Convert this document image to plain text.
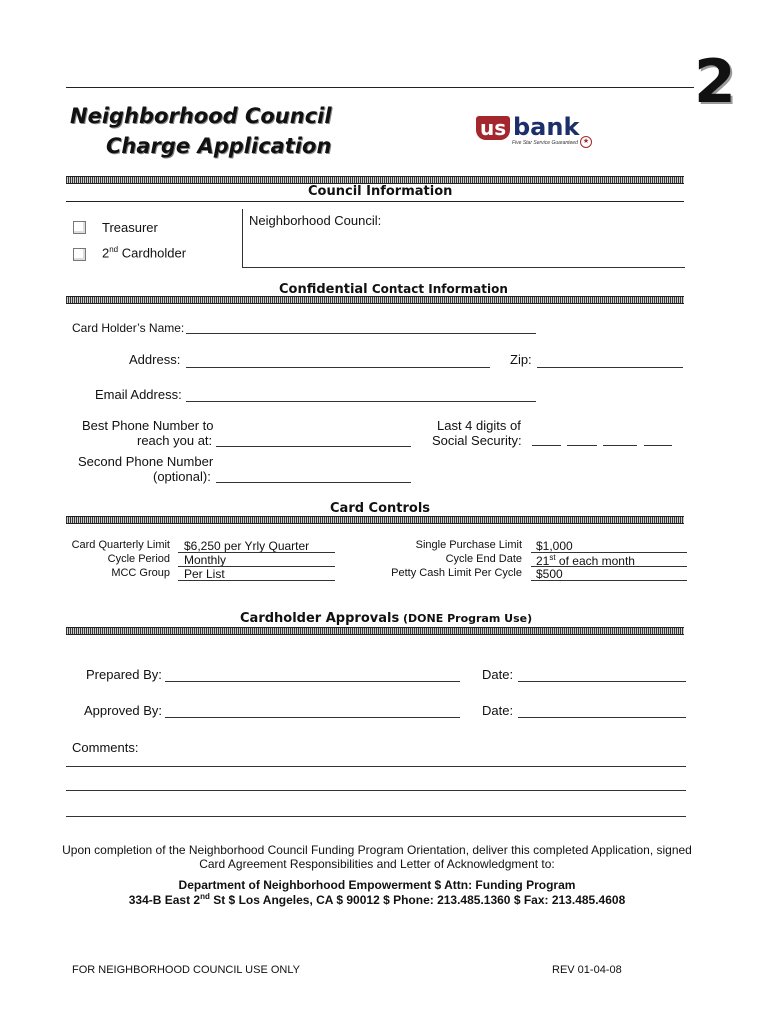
2
Neighborhood Council
Charge Application
us bank
Five Star Service Guaranteed ★
Council Information
Treasurer
2nd Cardholder
Neighborhood Council:
Confidential Contact Information
Card Holder’s Name:
Address:	Zip:
Email Address:
Best Phone Number to
reach you at:
Last 4 digits of
Social Security:
Second Phone Number
(optional):
Card Controls
Card Quarterly Limit $6,250 per Yrly Quarter
Cycle Period Monthly
MCC Group Per List
Single Purchase Limit $1,000
Cycle End Date 21st of each month
Petty Cash Limit Per Cycle $500
Cardholder Approvals (DONE Program Use)
Prepared By:	Date:
Approved By:	Date:
Comments:
Upon completion of the Neighborhood Council Funding Program Orientation, deliver this completed Application, signed
Card Agreement Responsibilities and Letter of Acknowledgment to:
Department of Neighborhood Empowerment $ Attn: Funding Program
334-B East 2nd St $ Los Angeles, CA $ 90012 $ Phone: 213.485.1360 $ Fax: 213.485.4608
FOR NEIGHBORHOOD COUNCIL USE ONLY	REV 01-04-08
